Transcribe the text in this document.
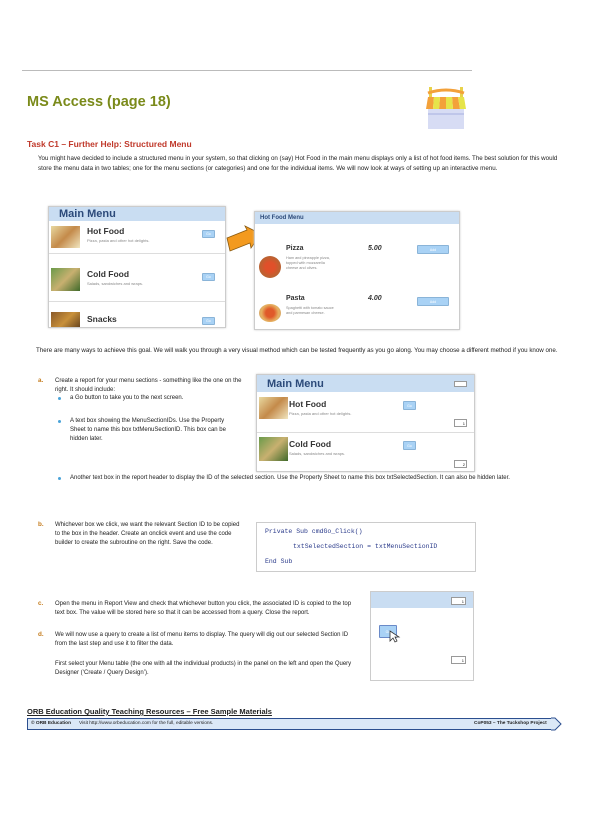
MS Access (page 18)
Task C1 – Further Help: Structured Menu
You might have decided to include a structured menu in your system, so that clicking on (say) Hot Food in the main menu displays only a list of hot food items. The best solution for this would store the menu data in two tables; one for the menu sections (or categories) and one for the individual items. We will now look at ways of setting up an interactive menu.
Main Menu
Hot Food
Pizza, pasta and other hot delights.
Go
Cold Food
Salads, sandwiches and wraps.
Go
Snacks	Go
Hot Food Menu
Pizza	5.00
Ham and pineapple pizza, topped with mozzarella cheese and olives.
Add
Pasta	4.00
Spaghetti with tomato sauce and parmesan cheese.
Add
There are many ways to achieve this goal. We will walk you through a very visual method which can be tested frequently as you go along. You may choose a different method if you know one.
a. Create a report for your menu sections - something like the one on the right. It should include:
a Go button to take you to the next screen.
A text box showing the MenuSectionIDs. Use the Property Sheet to name this box txtMenuSectionID. This box can be hidden later.
Another text box in the report header to display the ID of the selected section. Use the Property Sheet to name this box txtSelectedSection. It can also be hidden later.
Main Menu
Hot Food
Pizza, pasta and other hot delights.
Go
1
Cold Food
Salads, sandwiches and wraps.
Go
2
b. Whichever box we click, we want the relevant Section ID to be copied to the box in the header. Create an onclick event and use the code builder to create the subroutine on the right. Save the code.
Private Sub cmdGo_Click()
txtSelectedSection = txtMenuSectionID
End Sub
c. Open the menu in Report View and check that whichever button you click, the associated ID is copied to the top text box. The value will be stored here so that it can be accessed from a query. Close the report.
d. We will now use a query to create a list of menu items to display. The query will dig out our selected Section ID from the last step and use it to filter the data.
First select your Menu table (the one with all the individual products) in the panel on the left and open the Query Designer (‘Create / Query Design’).
1
Go
1
ORB Education Quality Teaching Resources – Free Sample Materials
© ORB Education Visit http://www.orbeducation.com for the full, editable versions.	CoP053 – The Tuckshop Project
